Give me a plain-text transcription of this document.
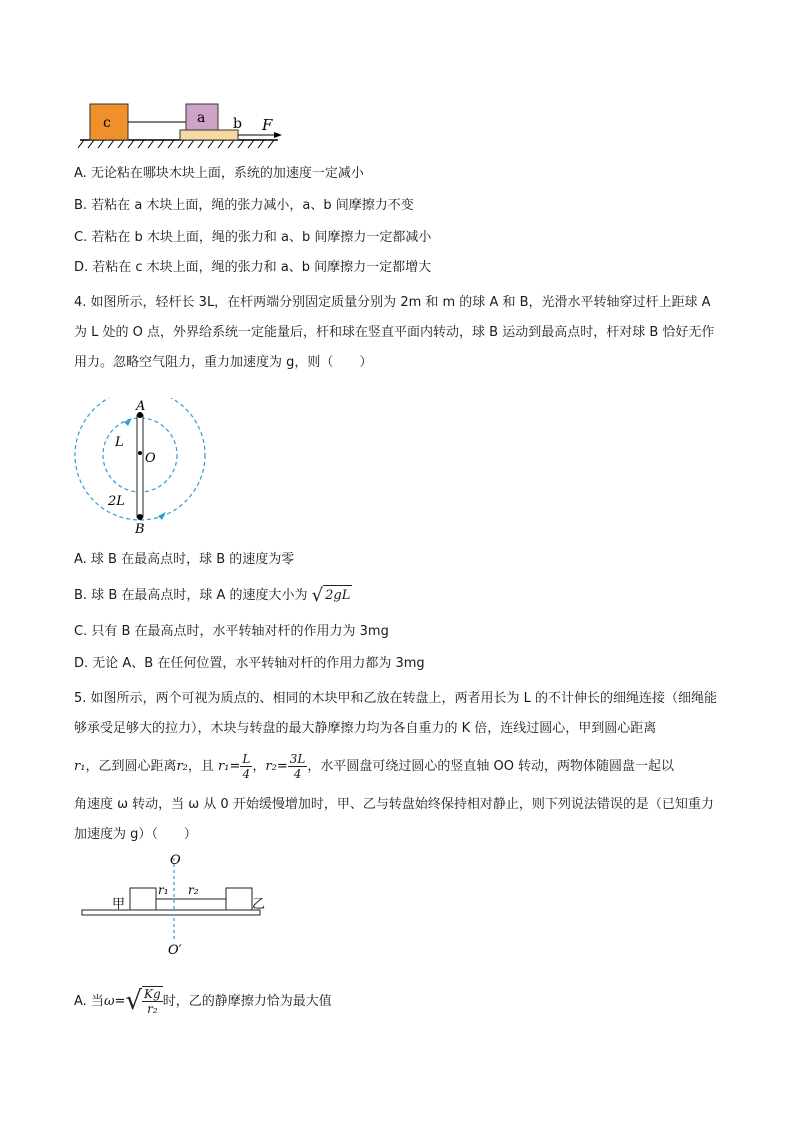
c	a b F
A. 无论粘在哪块木块上面，系统的加速度一定减小
B. 若粘在 a 木块上面，绳的张力减小，a、b 间摩擦力不变
C. 若粘在 b 木块上面，绳的张力和 a、b 间摩擦力一定都减小
D. 若粘在 c 木块上面，绳的张力和 a、b 间摩擦力一定都增大
4. 如图所示，轻杆长 3L，在杆两端分别固定质量分别为 2m 和 m 的球 A 和 B，光滑水平转轴穿过杆上距球 A 为 L 处的 O 点，外界给系统一定能量后，杆和球在竖直平面内转动，球 B 运动到最高点时，杆对球 B 恰好无作用力。忽略空气阻力，重力加速度为 g，则（　　）
A
L
O
2L
B
A. 球 B 在最高点时，球 B 的速度为零
B. 球 B 在最高点时，球 A 的速度大小为 √ 2gL
C. 只有 B 在最高点时，水平转轴对杆的作用力为 3mg
D. 无论 A、B 在任何位置，水平转轴对杆的作用力都为 3mg
5. 如图所示，两个可视为质点的、相同的木块甲和乙放在转盘上，两者用长为 L 的不计伸长的细绳连接（细绳能够承受足够大的拉力），木块与转盘的最大静摩擦力均为各自重力的 K 倍，连线过圆心，甲到圆心距离
r₁，乙到圆心距离r₂，且 $r_1= \frac{L}{4}$ ，$r_2= \frac{3L}{4}$ ，水平圆盘可绕过圆心的竖直轴 OO 转动，两物体随圆盘一起以
角速度 ω 转动，当 ω 从 0 开始缓慢增加时，甲、乙与转盘始终保持相对静止，则下列说法错误的是（已知重力加速度为 g）（　　）
O
O′
甲	乙
r₁ r₂
A. 当$\omega=√ \frac{Kg}{\text{r₂}}$ 时，乙的静摩擦力恰为最大值
